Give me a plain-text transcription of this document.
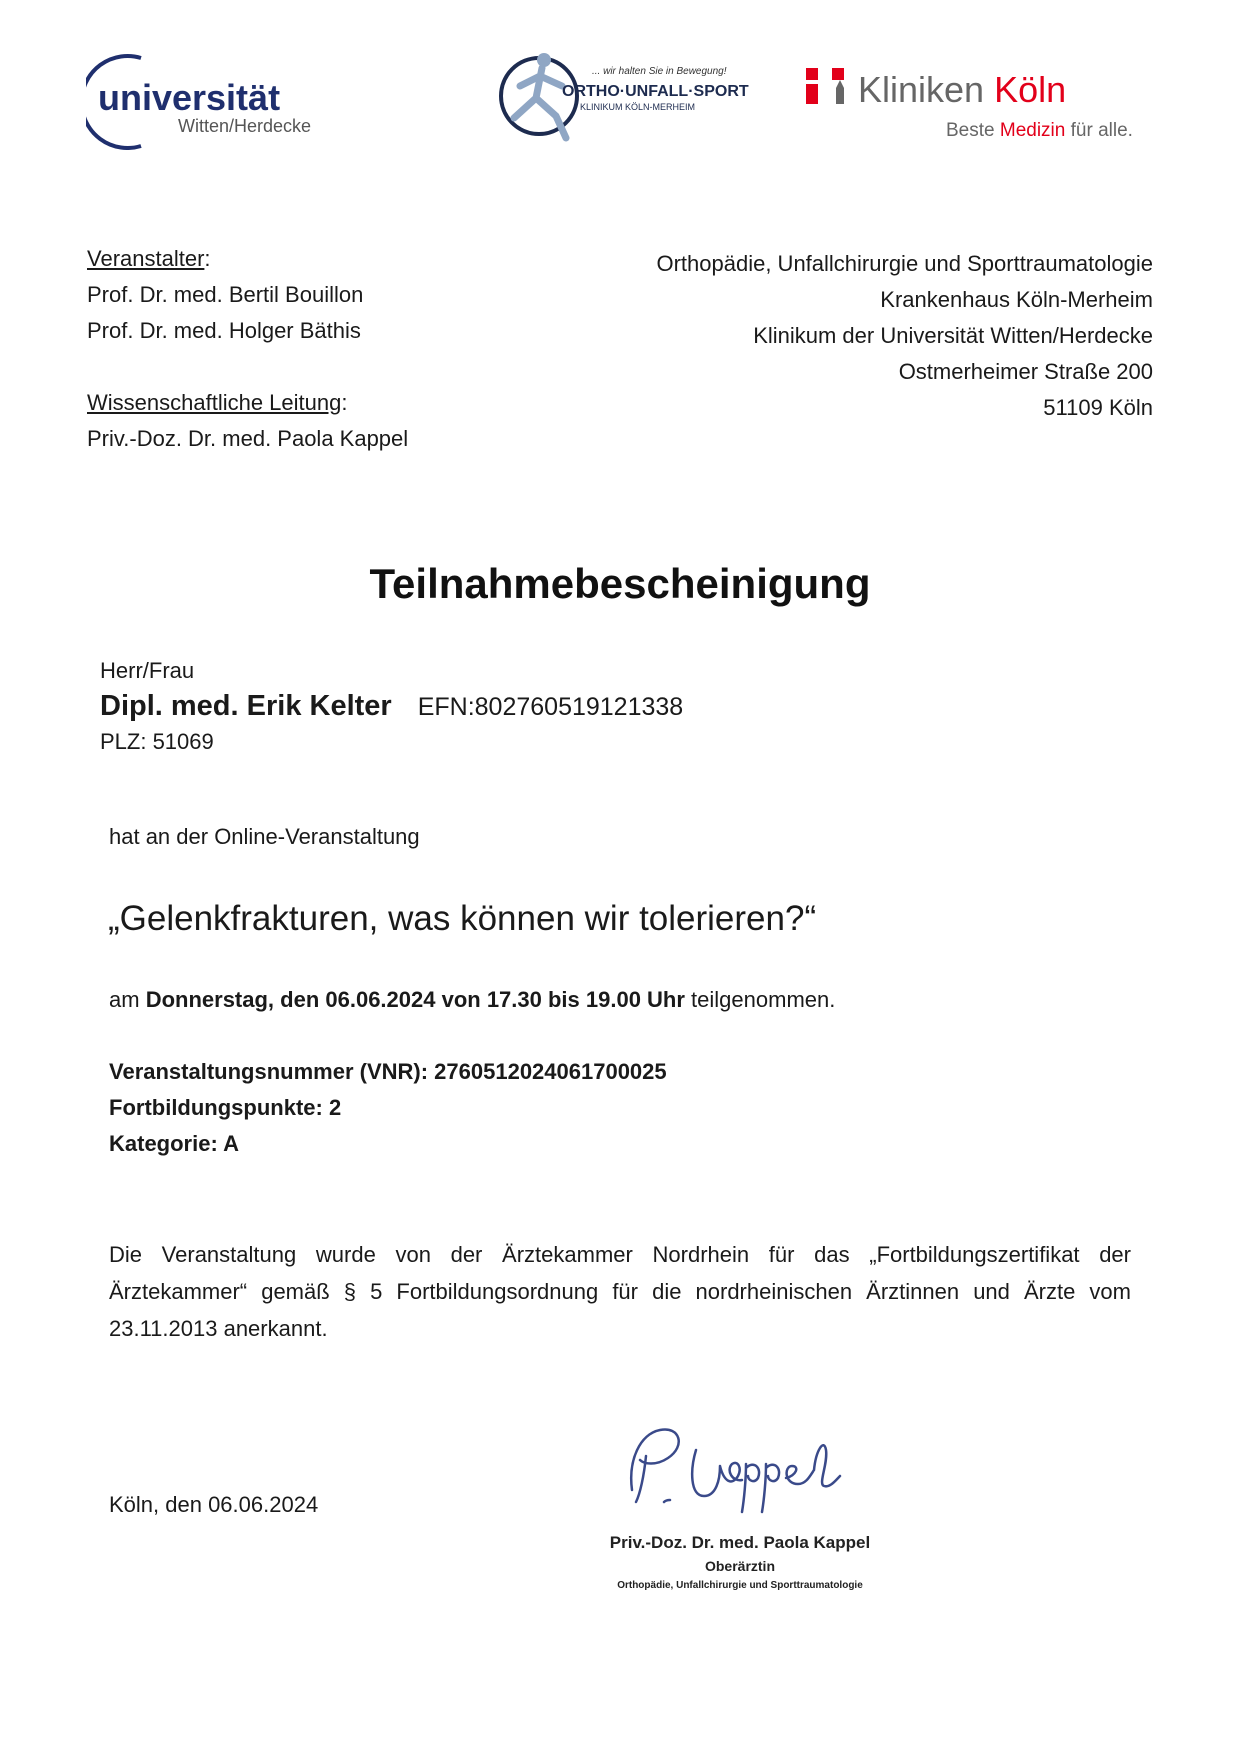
universität
Witten/Herdecke
... wir halten Sie in Bewegung!
ORTHO·UNFALL·SPORT
KLINIKUM KÖLN-MERHEIM	Kliniken Köln
Beste Medizin für alle.
Veranstalter:
Prof. Dr. med. Bertil Bouillon
Prof. Dr. med. Holger Bäthis
Wissenschaftliche Leitung:
Priv.-Doz. Dr. med. Paola Kappel
Orthopädie, Unfallchirurgie und Sporttraumatologie
Krankenhaus Köln-Merheim
Klinikum der Universität Witten/Herdecke
Ostmerheimer Straße 200
51109 Köln
Teilnahmebescheinigung
Herr/Frau
Dipl. med. Erik Kelter EFN:802760519121338
PLZ: 51069
hat an der Online-Veranstaltung
„Gelenkfrakturen, was können wir tolerieren?“
am Donnerstag, den 06.06.2024 von 17.30 bis 19.00 Uhr teilgenommen.
Veranstaltungsnummer (VNR): 2760512024061700025
Fortbildungspunkte: 2
Kategorie: A
Die Veranstaltung wurde von der Ärztekammer Nordrhein für das „Fortbildungszertifikat der Ärztekammer“ gemäß § 5 Fortbildungsordnung für die nordrheinischen Ärztinnen und Ärzte vom 23.11.2013 anerkannt.
Köln, den 06.06.2024
Priv.-Doz. Dr. med. Paola Kappel
Oberärztin
Orthopädie, Unfallchirurgie und Sporttraumatologie
